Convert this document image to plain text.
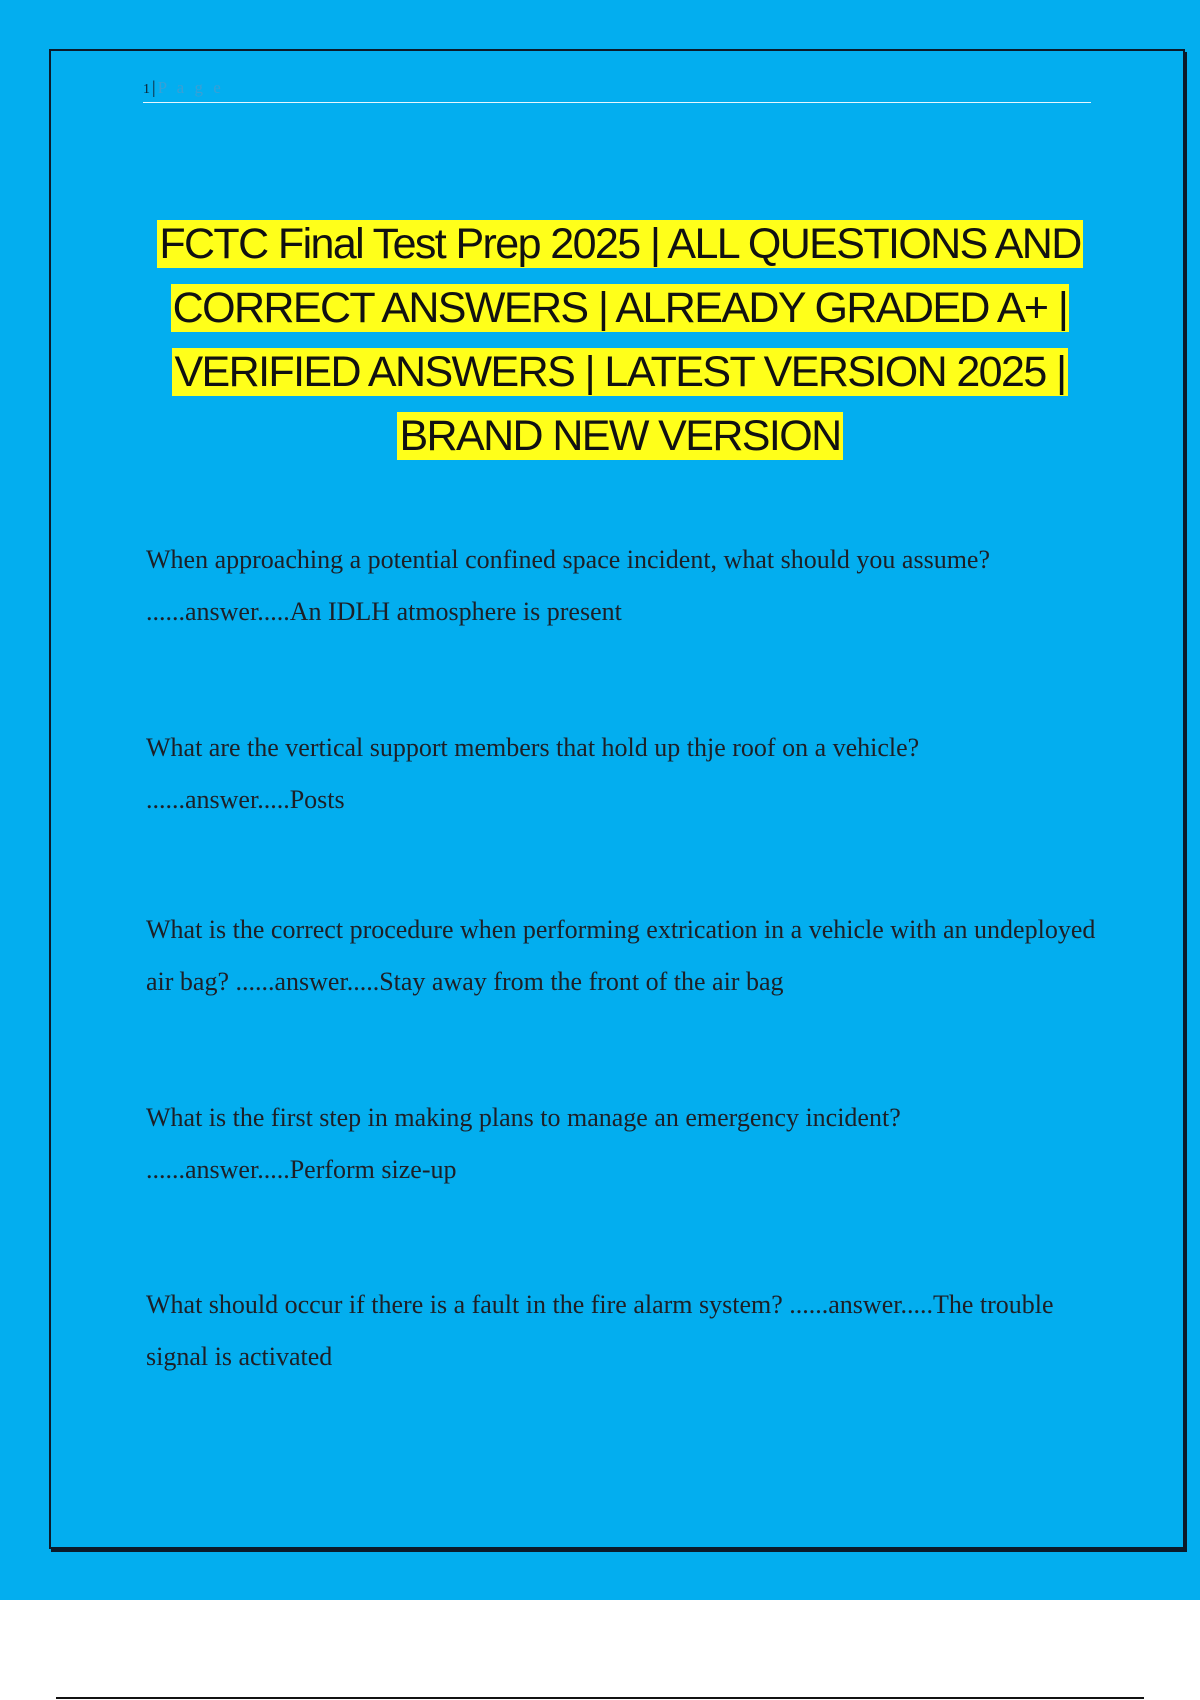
1 | P a g e
FCTC Final Test Prep 2025 | ALL QUESTIONS AND CORRECT ANSWERS | ALREADY GRADED A+ | VERIFIED ANSWERS | LATEST VERSION 2025 | BRAND NEW VERSION
When approaching a potential confined space incident, what should you assume? ......answer.....An IDLH atmosphere is present
What are the vertical support members that hold up thje roof on a vehicle? ......answer.....Posts
What is the correct procedure when performing extrication in a vehicle with an undeployed air bag? ......answer.....Stay away from the front of the air bag
What is the first step in making plans to manage an emergency incident? ......answer.....Perform size-up
What should occur if there is a fault in the fire alarm system? ......answer.....The trouble signal is activated
